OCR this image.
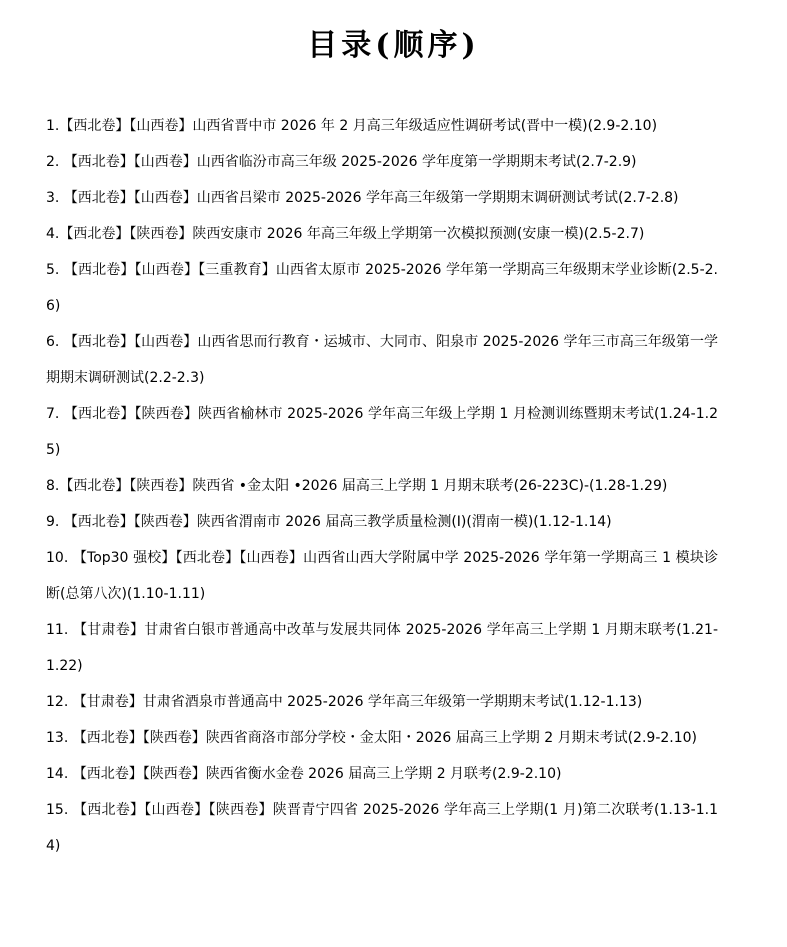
目录(顺序)
1.【西北卷】【山西卷】山西省晋中市 2026 年 2 月高三年级适应性调研考试(晋中一模)(2.9-2.10)
2. 【西北卷】【山西卷】山西省临汾市高三年级 2025-2026 学年度第一学期期末考试(2.7-2.9)
3. 【西北卷】【山西卷】山西省吕梁市 2025-2026 学年高三年级第一学期期末调研测试考试(2.7-2.8)
4.【西北卷】【陕西卷】陕西安康市 2026 年高三年级上学期第一次模拟预测(安康一模)(2.5-2.7)
5. 【西北卷】【山西卷】【三重教育】山西省太原市 2025-2026 学年第一学期高三年级期末学业诊断(2.5-2.6)
6. 【西北卷】【山西卷】山西省思而行教育・运城市、大同市、阳泉市 2025-2026 学年三市高三年级第一学期期末调研测试(2.2-2.3)
7. 【西北卷】【陕西卷】陕西省榆林市 2025-2026 学年高三年级上学期 1 月检测训练暨期末考试(1.24-1.25)
8.【西北卷】【陕西卷】陕西省 •金太阳 •2026 届高三上学期 1 月期末联考(26-223C)-(1.28-1.29)
9. 【西北卷】【陕西卷】陕西省渭南市 2026 届高三教学质量检测(Ⅰ)(渭南一模)(1.12-1.14)
10. 【Top30 强校】【西北卷】【山西卷】山西省山西大学附属中学 2025-2026 学年第一学期高三 1 模块诊断(总第八次)(1.10-1.11)
11. 【甘肃卷】甘肃省白银市普通高中改革与发展共同体 2025-2026 学年高三上学期 1 月期末联考(1.21-1.22)
12. 【甘肃卷】甘肃省酒泉市普通高中 2025-2026 学年高三年级第一学期期末考试(1.12-1.13)
13. 【西北卷】【陕西卷】陕西省商洛市部分学校・金太阳・2026 届高三上学期 2 月期末考试(2.9-2.10)
14. 【西北卷】【陕西卷】陕西省衡水金卷 2026 届高三上学期 2 月联考(2.9-2.10)
15. 【西北卷】【山西卷】【陕西卷】陕晋青宁四省 2025-2026 学年高三上学期(1 月)第二次联考(1.13-1.14)
